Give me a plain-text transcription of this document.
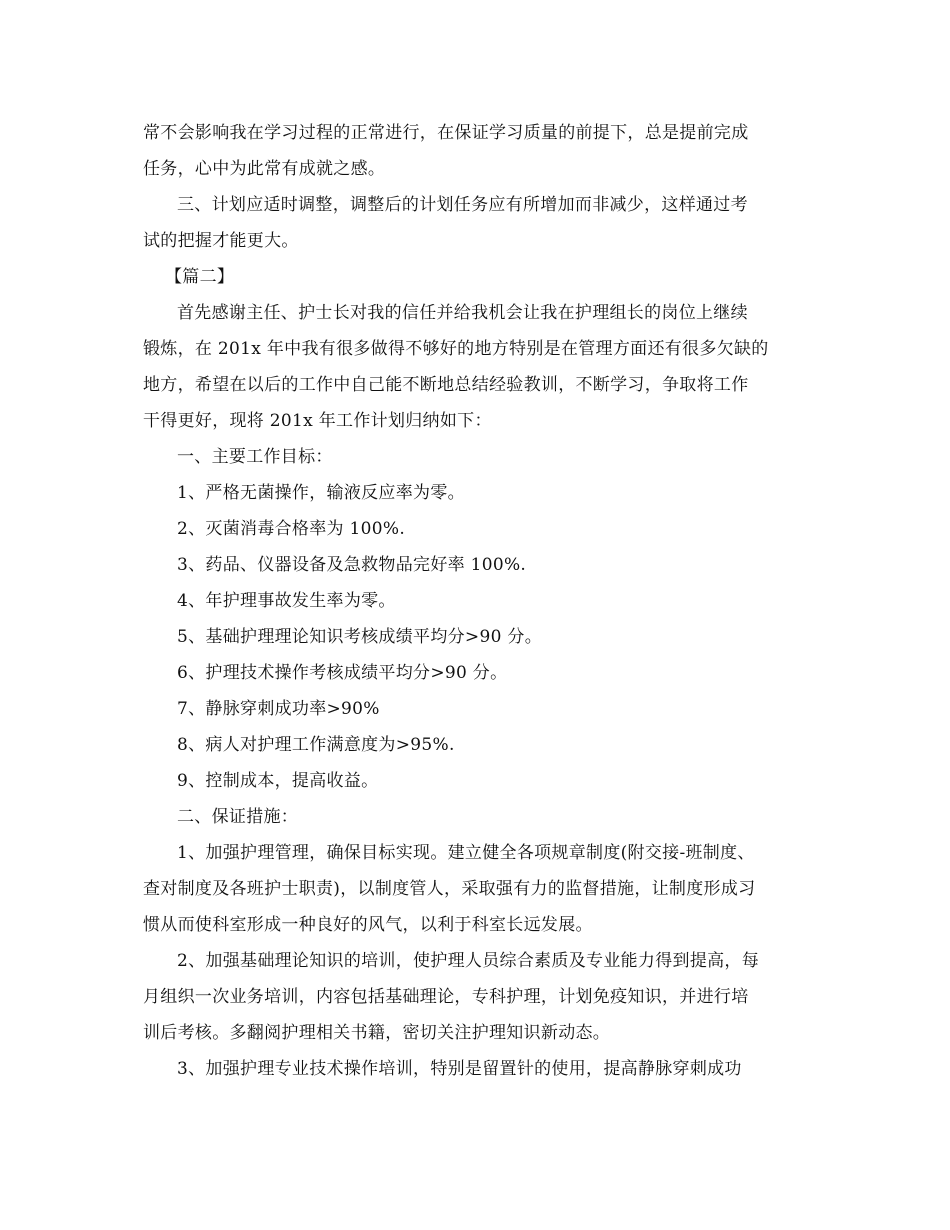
常不会影响我在学习过程的正常进行，在保证学习质量的前提下，总是提前完成
任务，心中为此常有成就之感。
三、计划应适时调整，调整后的计划任务应有所增加而非减少，这样通过考
试的把握才能更大。
【篇二】
首先感谢主任、护士长对我的信任并给我机会让我在护理组长的岗位上继续
锻炼，在 201x 年中我有很多做得不够好的地方特别是在管理方面还有很多欠缺的
地方，希望在以后的工作中自己能不断地总结经验教训，不断学习，争取将工作
干得更好，现将 201x 年工作计划归纳如下：
一、主要工作目标：
1、严格无菌操作，输液反应率为零。
2、灭菌消毒合格率为 100%.
3、药品、仪器设备及急救物品完好率 100%.
4、年护理事故发生率为零。
5、基础护理理论知识考核成绩平均分>90 分。
6、护理技术操作考核成绩平均分>90 分。
7、静脉穿刺成功率>90%
8、病人对护理工作满意度为>95%.
9、控制成本，提高收益。
二、保证措施：
1、加强护理管理，确保目标实现。建立健全各项规章制度(附交接-班制度、
查对制度及各班护士职责)，以制度管人，采取强有力的监督措施，让制度形成习
惯从而使科室形成一种良好的风气，以利于科室长远发展。
2、加强基础理论知识的培训，使护理人员综合素质及专业能力得到提高，每
月组织一次业务培训，内容包括基础理论，专科护理，计划免疫知识，并进行培
训后考核。多翻阅护理相关书籍，密切关注护理知识新动态。
3、加强护理专业技术操作培训，特别是留置针的使用，提高静脉穿刺成功
